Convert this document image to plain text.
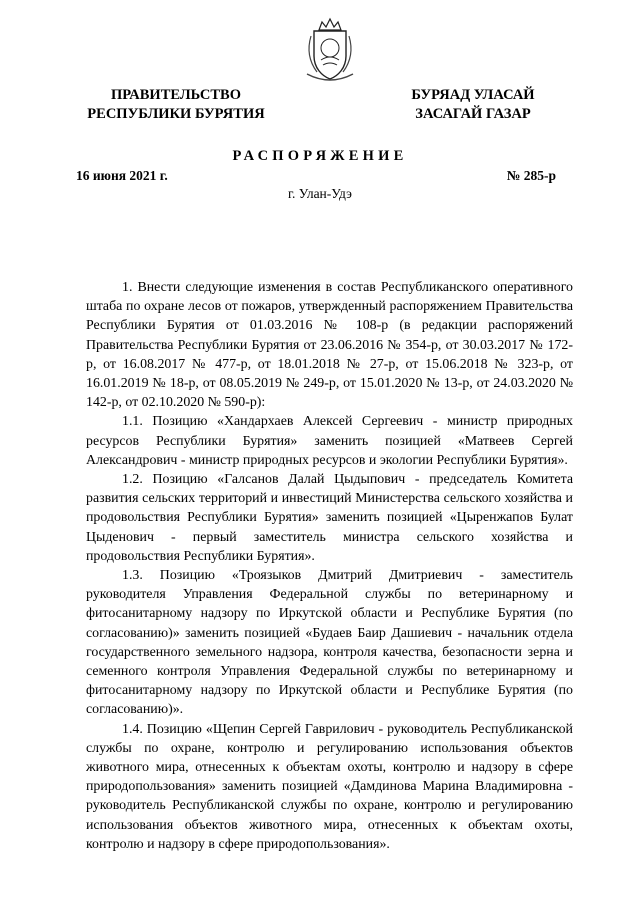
ПРАВИТЕЛЬСТВО
РЕСПУБЛИКИ БУРЯТИЯ
БУРЯАД УЛАСАЙ
ЗАСАГАЙ ГАЗАР
РАСПОРЯЖЕНИЕ
16 июня 2021 г.	№ 285-р
г. Улан-Удэ

1. Внести следующие изменения в состав Республиканского оперативного штаба по охране лесов от пожаров, утвержденный распоряжением Правительства Республики Бурятия от 01.03.2016 № 108-р (в редакции распоряжений Правительства Республики Бурятия от 23.06.2016 № 354-р, от 30.03.2017 № 172-р, от 16.08.2017 № 477-р, от 18.01.2018 № 27-р, от 15.06.2018 № 323-р, от 16.01.2019 № 18-р, от 08.05.2019 № 249-р, от 15.01.2020 № 13-р, от 24.03.2020 № 142-р, от 02.10.2020 № 590-р):

1.1. Позицию «Хандархаев Алексей Сергеевич - министр природных ресурсов Республики Бурятия» заменить позицией «Матвеев Сергей Александрович - министр природных ресурсов и экологии Республики Бурятия».

1.2. Позицию «Галсанов Далай Цыдыпович - председатель Комитета развития сельских территорий и инвестиций Министерства сельского хозяйства и продовольствия Республики Бурятия» заменить позицией «Цыренжапов Булат Цыденович - первый заместитель министра сельского хозяйства и продовольствия Республики Бурятия».

1.3. Позицию «Троязыков Дмитрий Дмитриевич - заместитель руководителя Управления Федеральной службы по ветеринарному и фитосанитарному надзору по Иркутской области и Республике Бурятия (по согласованию)» заменить позицией «Будаев Баир Дашиевич - начальник отдела государственного земельного надзора, контроля качества, безопасности зерна и семенного контроля Управления Федеральной службы по ветеринарному и фитосанитарному надзору по Иркутской области и Республике Бурятия (по согласованию)».

1.4. Позицию «Щепин Сергей Гаврилович - руководитель Республиканской службы по охране, контролю и регулированию использования объектов животного мира, отнесенных к объектам охоты, контролю и надзору в сфере природопользования» заменить позицией «Дамдинова Марина Владимировна - руководитель Республиканской службы по охране, контролю и регулированию использования объектов животного мира, отнесенных к объектам охоты, контролю и надзору в сфере природопользования».
